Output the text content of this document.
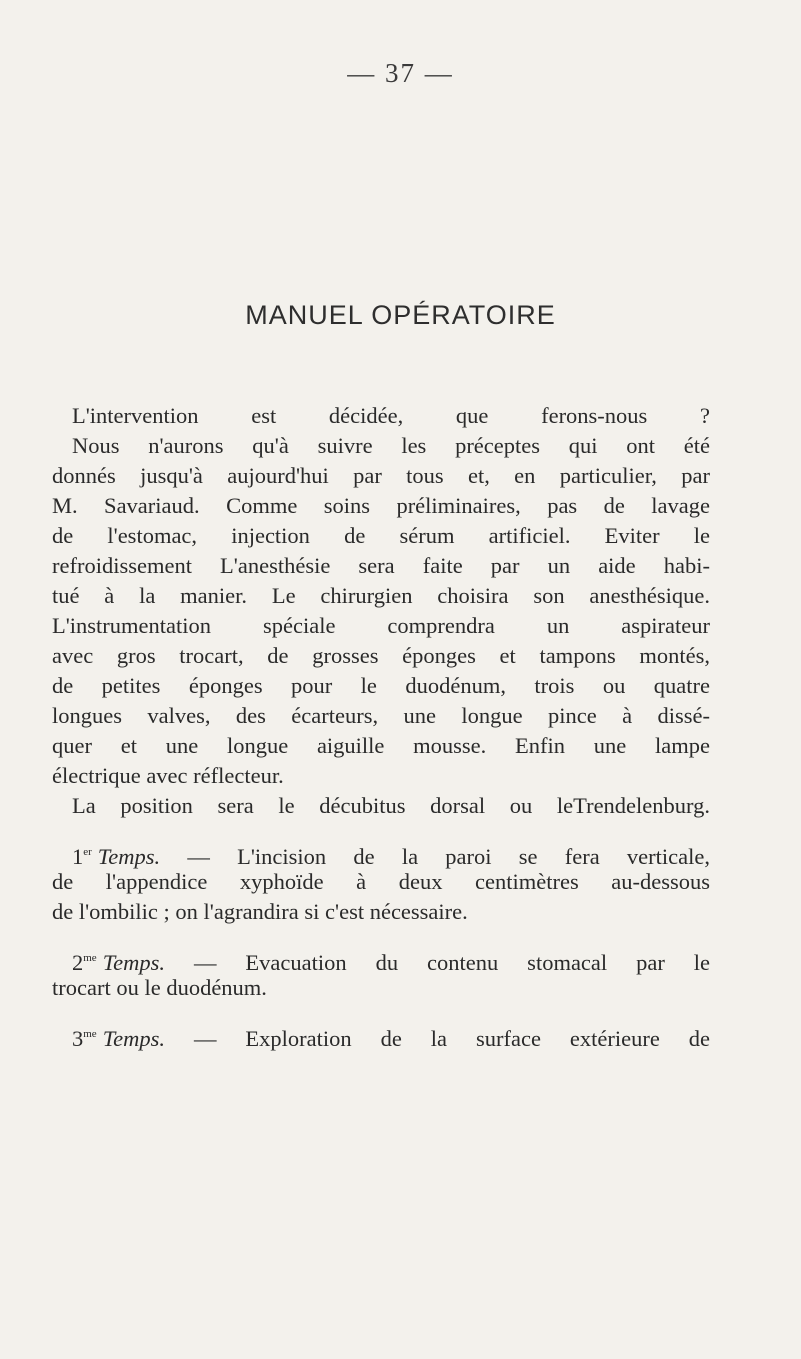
— 37 —
MANUEL OPÉRATOIRE
L'intervention est décidée, que ferons-nous ?
Nous n'aurons qu'à suivre les préceptes qui ont été
donnés jusqu'à aujourd'hui par tous et, en particulier, par
M. Savariaud. Comme soins préliminaires, pas de lavage
de l'estomac, injection de sérum artificiel. Eviter le
refroidissement L'anesthésie sera faite par un aide habi-
tué à la manier. Le chirurgien choisira son anesthésique.
L'instrumentation spéciale comprendra un aspirateur
avec gros trocart, de grosses éponges et tampons montés,
de petites éponges pour le duodénum, trois ou quatre
longues valves, des écarteurs, une longue pince à dissé-
quer et une longue aiguille mousse. Enfin une lampe
électrique avec réflecteur.
La position sera le décubitus dorsal ou leTrendelenburg.
1er Temps. — L'incision de la paroi se fera verticale,
de l'appendice xyphoïde à deux centimètres au-dessous
de l'ombilic ; on l'agrandira si c'est nécessaire.
$2^{me}$ Temps. — Evacuation du contenu stomacal par le
trocart ou le duodénum.
$3^{me}$ Temps. — Exploration de la surface extérieure de
